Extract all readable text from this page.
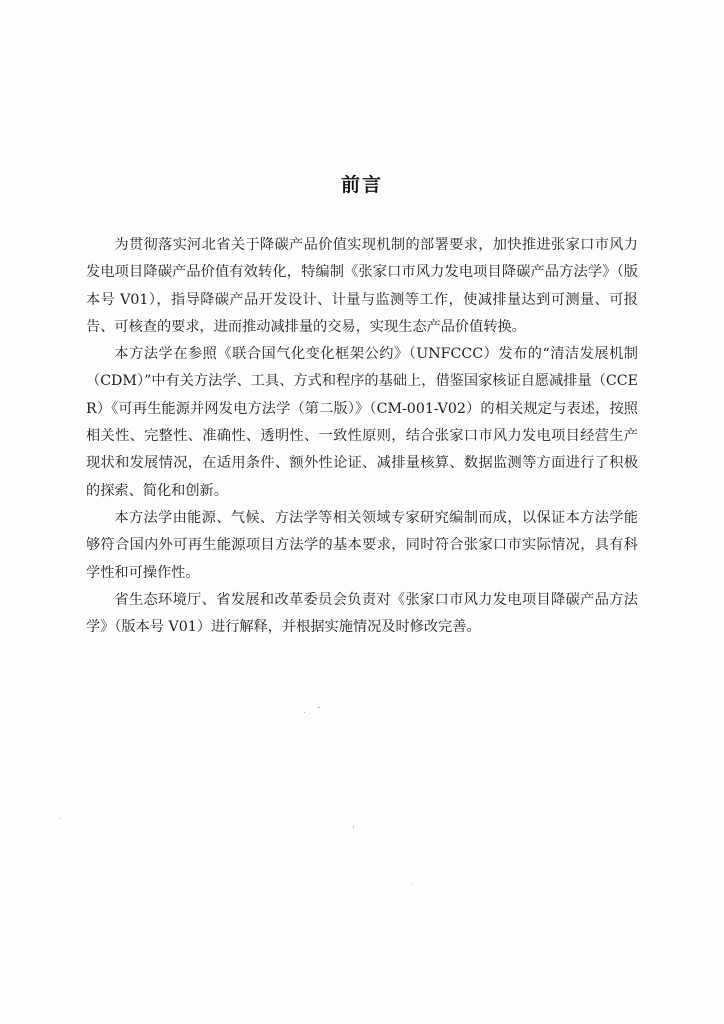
前言

为贯彻落实河北省关于降碳产品价值实现机制的部署要求，加快推进张家口市风力发电项目降碳产品价值有效转化，特编制《张家口市风力发电项目降碳产品方法学》（版本号 V01），指导降碳产品开发设计、计量与监测等工作，使减排量达到可测量、可报告、可核查的要求，进而推动减排量的交易，实现生态产品价值转换。

本方法学在参照《联合国气化变化框架公约》（UNFCCC）发布的“清洁发展机制（CDM）”中有关方法学、工具、方式和程序的基础上，借鉴国家核证自愿减排量（CCER）《可再生能源并网发电方法学（第二版）》（CM-001-V02）的相关规定与表述，按照相关性、完整性、准确性、透明性、一致性原则，结合张家口市风力发电项目经营生产现状和发展情况，在适用条件、额外性论证、减排量核算、数据监测等方面进行了积极的探索、简化和创新。

本方法学由能源、气候、方法学等相关领域专家研究编制而成，以保证本方法学能够符合国内外可再生能源项目方法学的基本要求，同时符合张家口市实际情况，具有科学性和可操作性。

省生态环境厅、省发展和改革委员会负责对《张家口市风力发电项目降碳产品方法学》（版本号 V01）进行解释，并根据实施情况及时修改完善。
